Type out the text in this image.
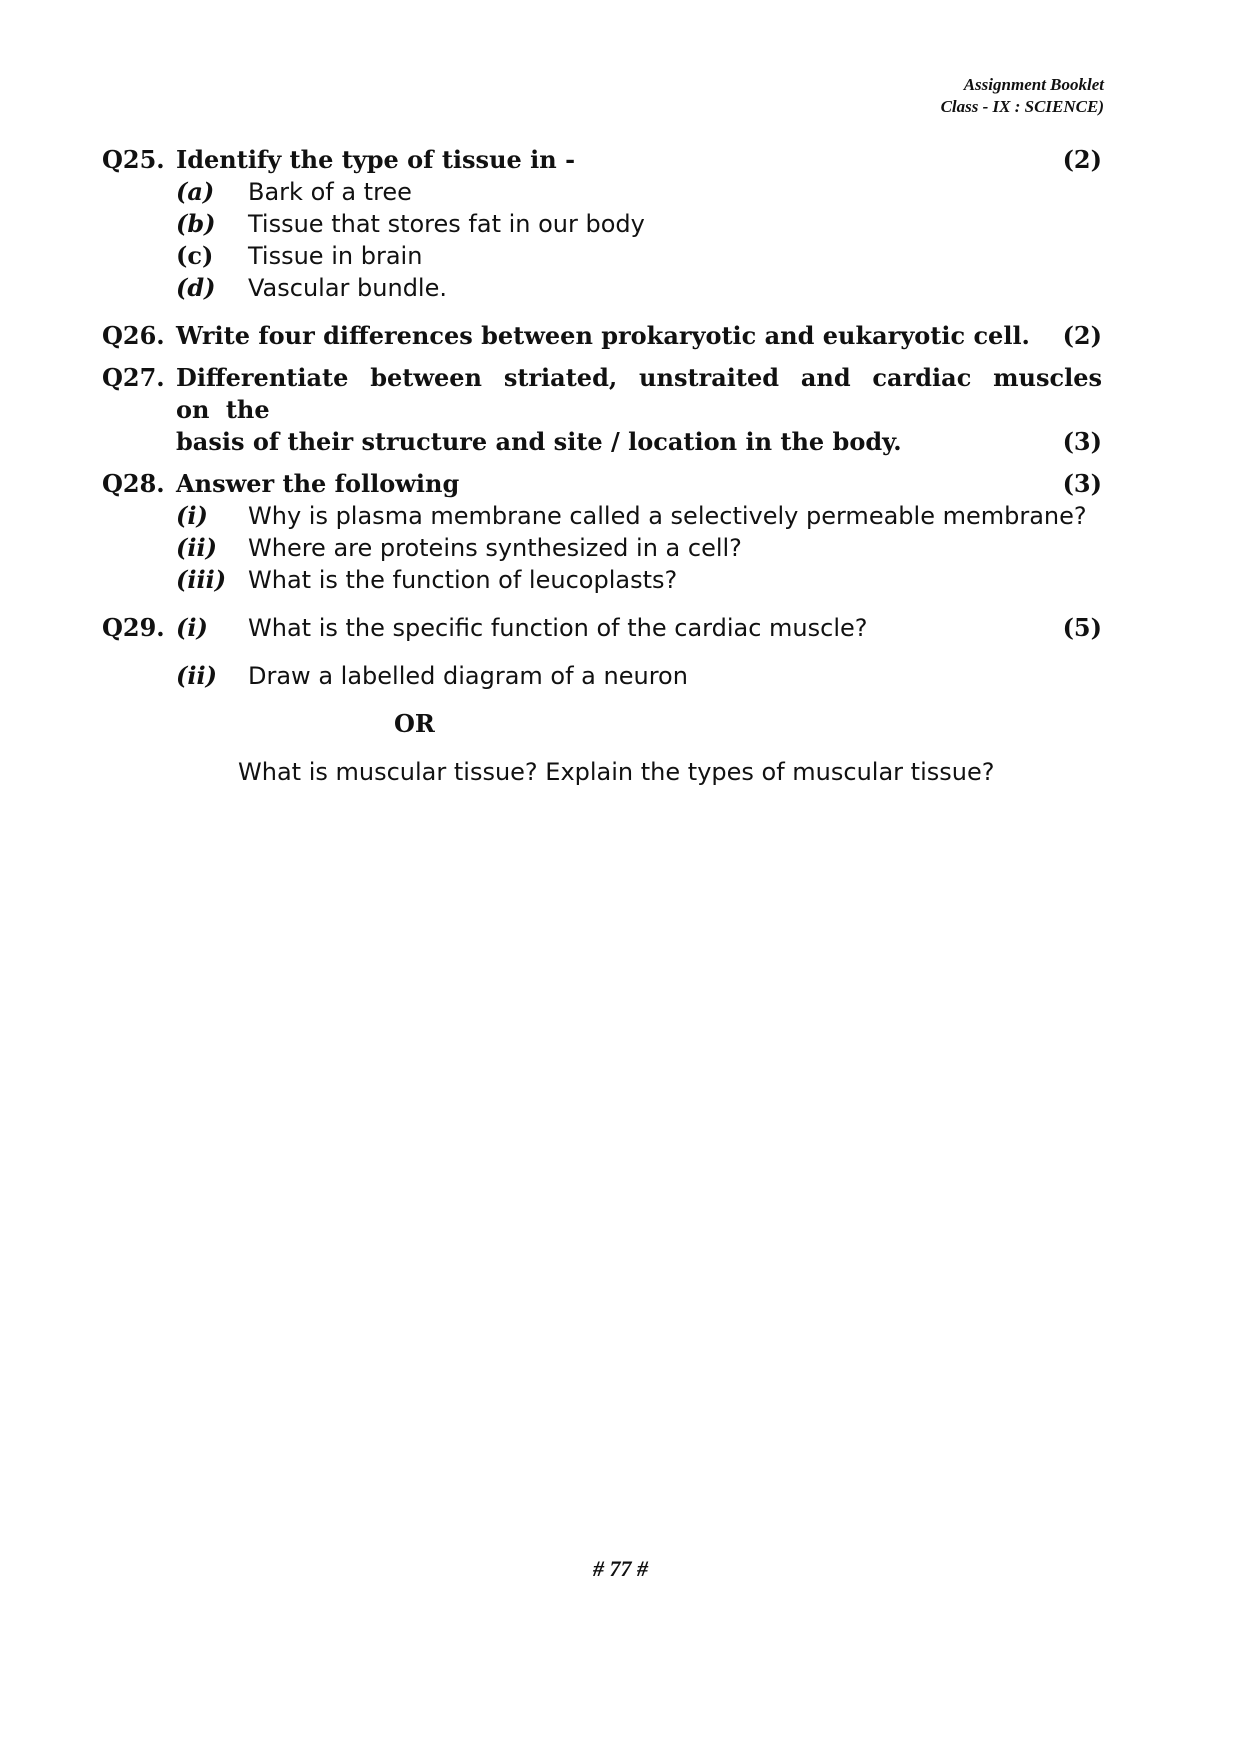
Assignment Booklet
Class - IX : SCIENCE)
Q25. Identify the type of tissue in -	(2)
(a)	Bark of a tree
(b)	Tissue that stores fat in our body
(c)	Tissue in brain
(d)	Vascular bundle.
Q26. Write four differences between prokaryotic and eukaryotic cell.	(2)
Q27. Differentiate between striated, unstraited and cardiac muscles on the
basis of their structure and site / location in the body.	(3)
Q28. Answer the following	(3)
(i)	Why is plasma membrane called a selectively permeable membrane?
(ii)	Where are proteins synthesized in a cell?
(iii) What is the function of leucoplasts?
Q29. (i)	What is the specific function of the cardiac muscle?	(5)
(ii)	Draw a labelled diagram of a neuron
OR
What is muscular tissue? Explain the types of muscular tissue?
# 77 #
